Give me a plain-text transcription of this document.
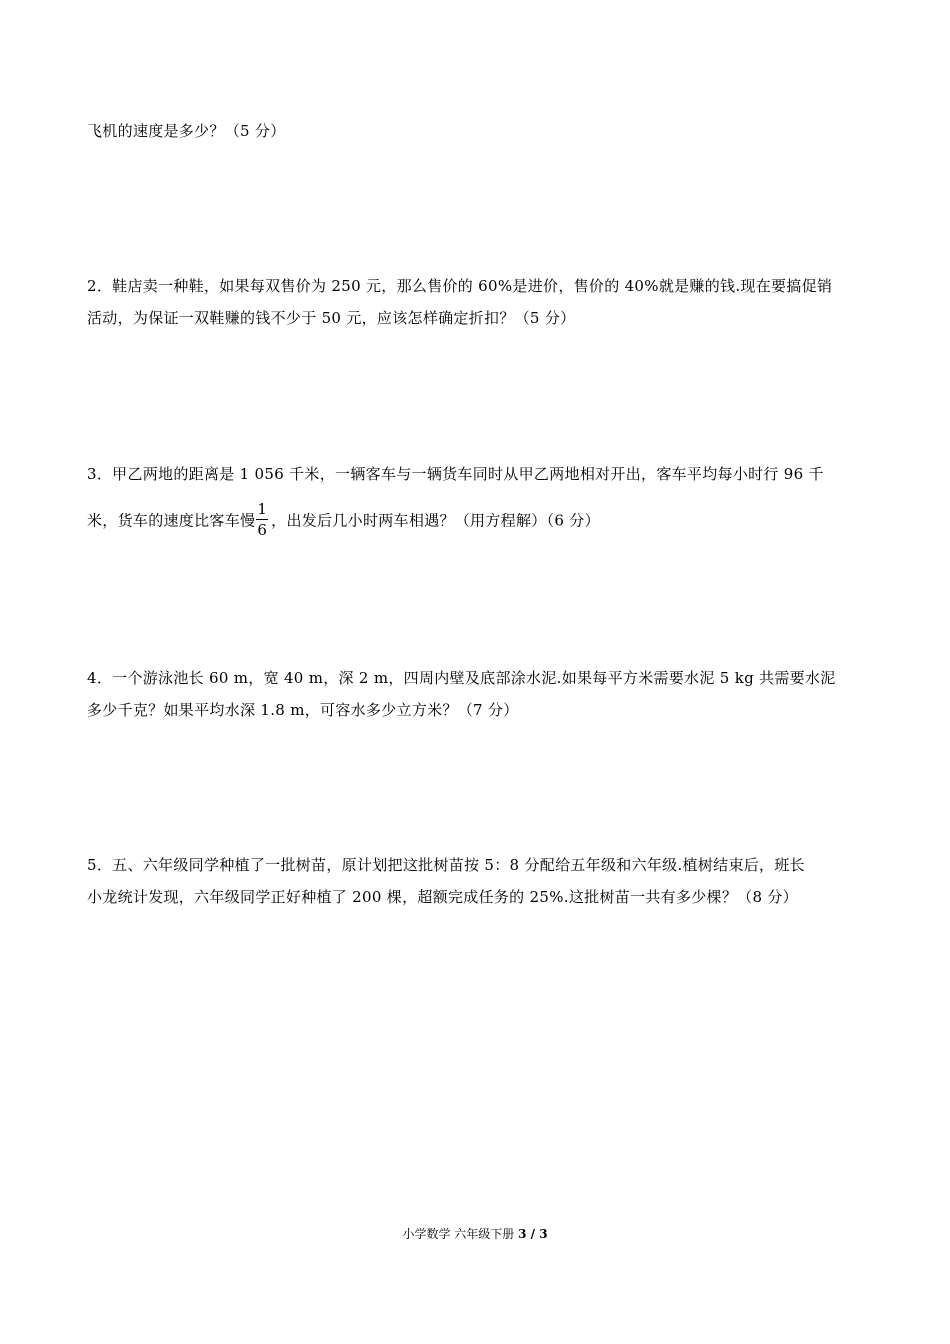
飞机的速度是多少？（5 分）
2．鞋店卖一种鞋，如果每双售价为 250 元，那么售价的 60%是进价，售价的 40%就是赚的钱.现在要搞促销
活动，为保证一双鞋赚的钱不少于 50 元，应该怎样确定折扣？（5 分）
3．甲乙两地的距离是 1 056 千米，一辆客车与一辆货车同时从甲乙两地相对开出，客车平均每小时行 96 千
米，货车的速度比客车慢 $\frac{1}{6}$ ，出发后几小时两车相遇？（用方程解）（6 分）
4．一个游泳池长 60 m，宽 40 m，深 2 m，四周内壁及底部涂水泥.如果每平方米需要水泥 5 kg 共需要水泥
多少千克？如果平均水深 1.8 m，可容水多少立方米？（7 分）
5．五、六年级同学种植了一批树苗，原计划把这批树苗按 5：8 分配给五年级和六年级.植树结束后，班长
小龙统计发现，六年级同学正好种植了 200 棵，超额完成任务的 25%.这批树苗一共有多少棵？（8 分）
小学数学 六年级下册 3 / 3
